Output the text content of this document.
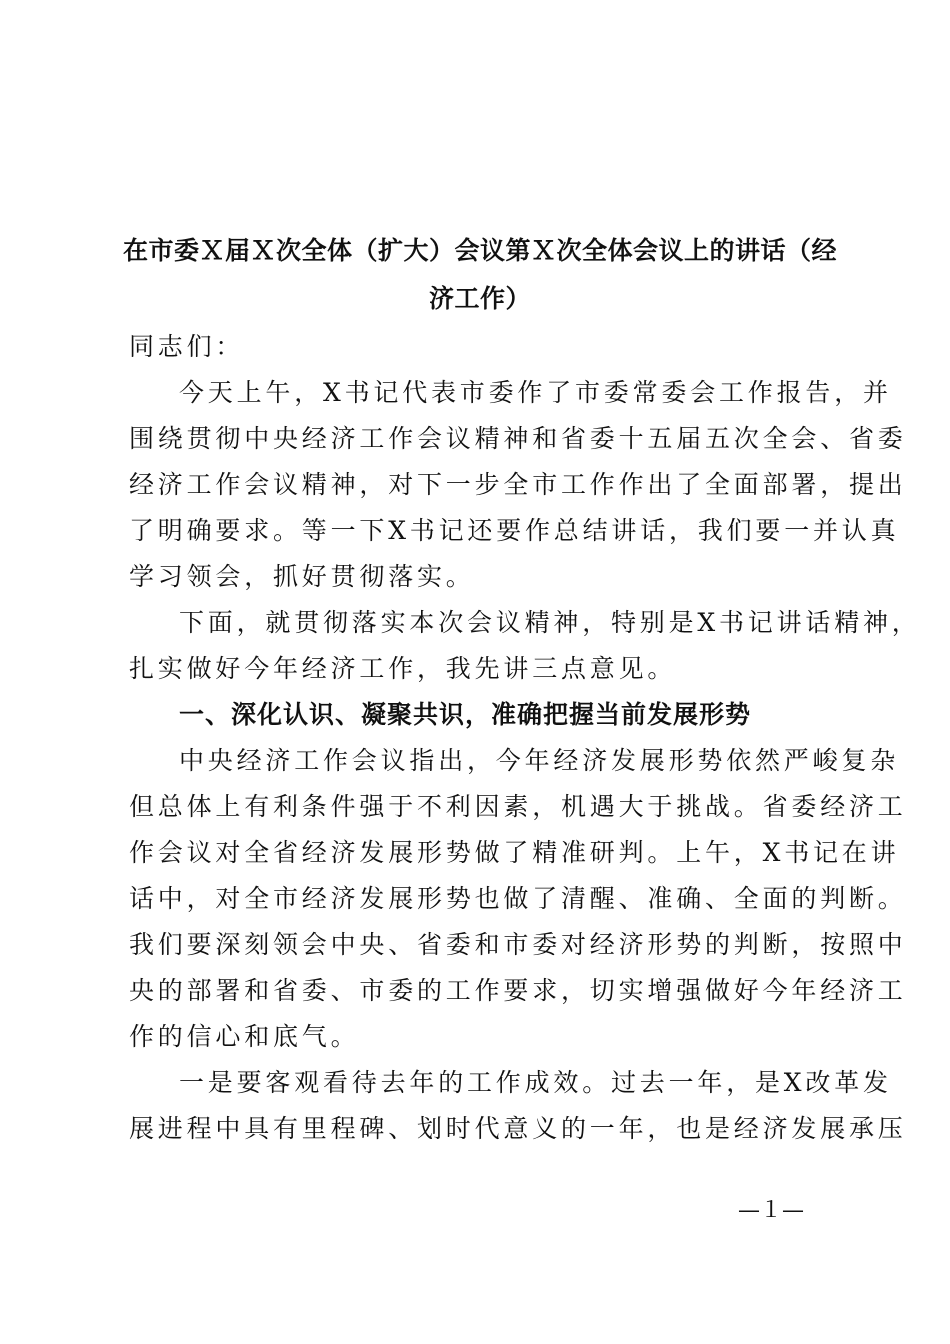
在市委Ｘ届Ｘ次全体（扩大）会议第Ｘ次全体会议上的讲话（经
济工作）
同志们：
今天上午，X书记代表市委作了市委常委会工作报告，并
围绕贯彻中央经济工作会议精神和省委十五届五次全会、省委
经济工作会议精神，对下一步全市工作作出了全面部署，提出
了明确要求。等一下X书记还要作总结讲话，我们要一并认真
学习领会，抓好贯彻落实。
下面，就贯彻落实本次会议精神，特别是X书记讲话精神，
扎实做好今年经济工作，我先讲三点意见。
一、深化认识、凝聚共识，准确把握当前发展形势
中央经济工作会议指出，今年经济发展形势依然严峻复杂
但总体上有利条件强于不利因素，机遇大于挑战。省委经济工
作会议对全省经济发展形势做了精准研判。上午，X书记在讲
话中，对全市经济发展形势也做了清醒、准确、全面的判断。
我们要深刻领会中央、省委和市委对经济形势的判断，按照中
央的部署和省委、市委的工作要求，切实增强做好今年经济工
作的信心和底气。
一是要客观看待去年的工作成效。过去一年，是X改革发
展进程中具有里程碑、划时代意义的一年，也是经济发展承压
—１—
